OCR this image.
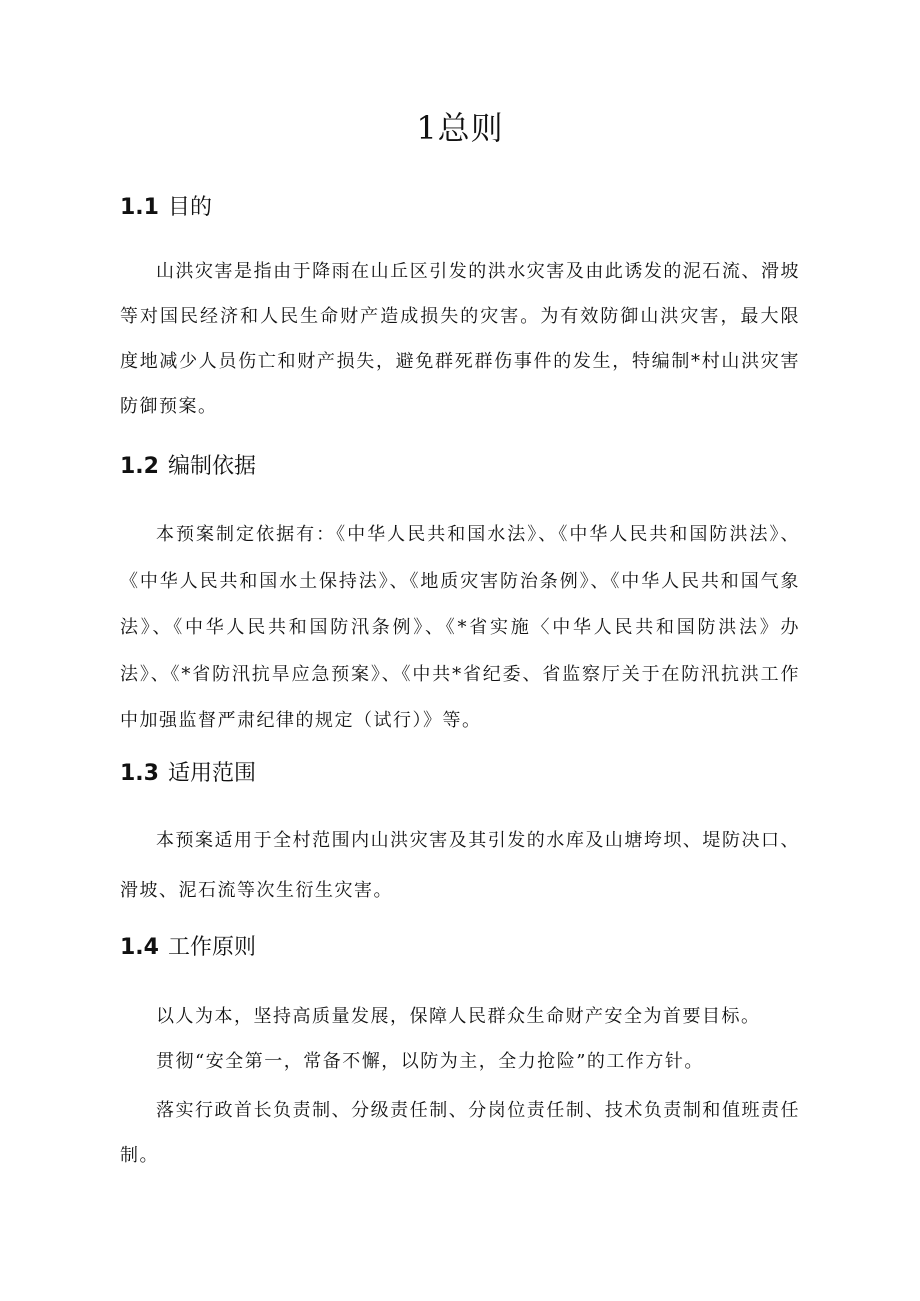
1总则
1.1 目的

山洪灾害是指由于降雨在山丘区引发的洪水灾害及由此诱发的泥石流、滑坡等对国民经济和人民生命财产造成损失的灾害。为有效防御山洪灾害，最大限度地减少人员伤亡和财产损失，避免群死群伤事件的发生，特编制*村山洪灾害防御预案。

1.2 编制依据

本预案制定依据有：《中华人民共和国水法》、《中华人民共和国防洪法》、《中华人民共和国水土保持法》、《地质灾害防治条例》、《中华人民共和国气象法》、《中华人民共和国防汛条例》、《*省实施〈中华人民共和国防洪法》办法》、《*省防汛抗旱应急预案》、《中共*省纪委、省监察厅关于在防汛抗洪工作中加强监督严肃纪律的规定（试行）》等。

1.3 适用范围

本预案适用于全村范围内山洪灾害及其引发的水库及山塘垮坝、堤防决口、滑坡、泥石流等次生衍生灾害。

1.4 工作原则

以人为本，坚持高质量发展，保障人民群众生命财产安全为首要目标。

贯彻“安全第一，常备不懈，以防为主，全力抢险”的工作方针。

落实行政首长负责制、分级责任制、分岗位责任制、技术负责制和值班责任制。
